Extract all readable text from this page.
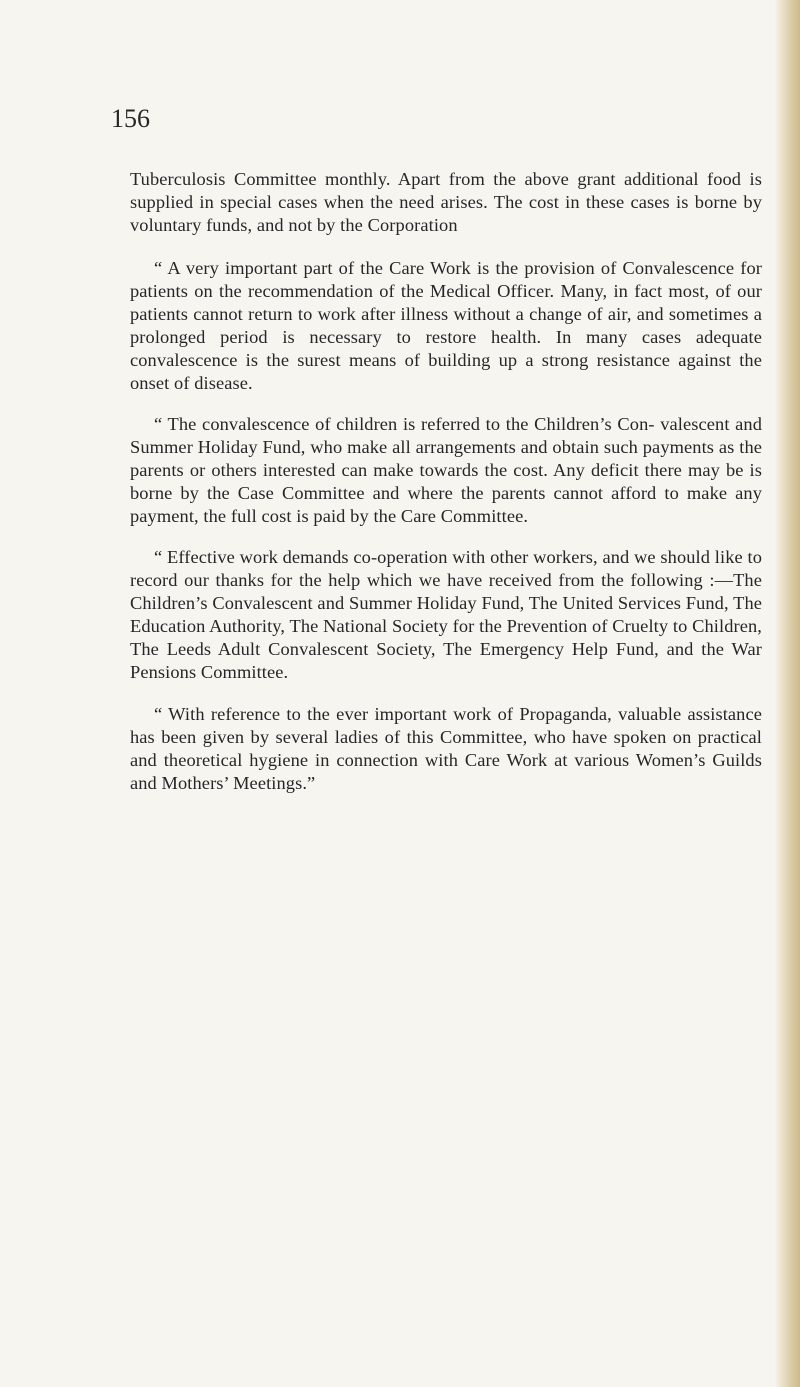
156

Tuberculosis Committee monthly. Apart from the above grant additional food is supplied in special cases when the need arises. The cost in these cases is borne by voluntary funds, and not by the Corporation

“ A very important part of the Care Work is the provision of Convalescence for patients on the recommendation of the Medical Officer. Many, in fact most, of our patients cannot return to work after illness without a change of air, and sometimes a prolonged period is necessary to restore health. In many cases adequate convalescence is the surest means of building up a strong resistance against the onset of disease.

“ The convalescence of children is referred to the Children’s Con- valescent and Summer Holiday Fund, who make all arrangements and obtain such payments as the parents or others interested can make towards the cost. Any deficit there may be is borne by the Case Committee and where the parents cannot afford to make any payment, the full cost is paid by the Care Committee.

“ Effective work demands co-operation with other workers, and we should like to record our thanks for the help which we have received from the following :—The Children’s Convalescent and Summer Holiday Fund, The United Services Fund, The Education Authority, The National Society for the Prevention of Cruelty to Children, The Leeds Adult Convalescent Society, The Emergency Help Fund, and the War Pensions Committee.

“ With reference to the ever important work of Propaganda, valuable assistance has been given by several ladies of this Committee, who have spoken on practical and theoretical hygiene in connection with Care Work at various Women’s Guilds and Mothers’ Meetings.”
